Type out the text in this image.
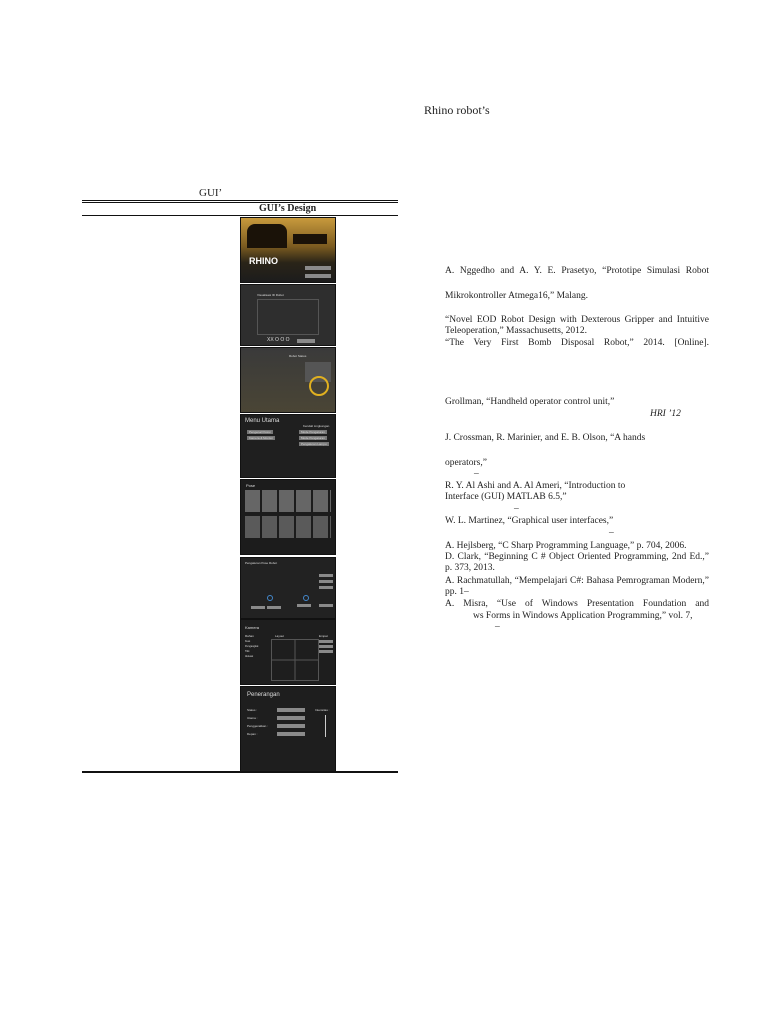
Rhino robot’s
GUI’
GUI’s Design
RHINO
Visualisasi ID Robot
XX O O O
Robot Status
Menu Utama
Pengenal Posisi
Kamera & Monitor
Kendali Lingkungan
Mode Pengaturan
Mode Pengaturan
Pengaturan Lampu
Pose
Pengaturan Pose Robot
Kamera
Rahan
Kuat
Pengangkat
Titik
Aktuasi
Layout	Empat
Penerangan
Status :
Utama :
Penggerakkan :
Depan :
Intensitas :
A. Nggedho and A. Y. E. Prasetyo, “Prototipe Simulasi Robot
Mikrokontroller Atmega16,” Malang.
“Novel EOD Robot Design with Dexterous Gripper and Intuitive Teleoperation,” Massachusetts, 2012.
“The Very First Bomb Disposal Robot,” 2014. [Online].
Grollman, “Handheld operator control unit,”
HRI ’12
J. Crossman, R. Marinier, and E. B. Olson, “A hands
operators,”
–
R. Y. Al Ashi and A. Al Ameri, “Introduction to Interface (GUI) MATLAB 6.5,”
–
W. L. Martinez, “Graphical user interfaces,”
–
A. Hejlsberg, “C Sharp Programming Language,” p. 704, 2006.
D. Clark, “Beginning C # Object Oriented Programming, 2nd Ed.,” p. 373, 2013.
A. Rachmatullah, “Mempelajari C#: Bahasa Pemrograman Modern,” pp. 1–
A. Misra, “Use of Windows Presentation Foundation and
ws Forms in Windows Application Programming,” vol. 7,
–
